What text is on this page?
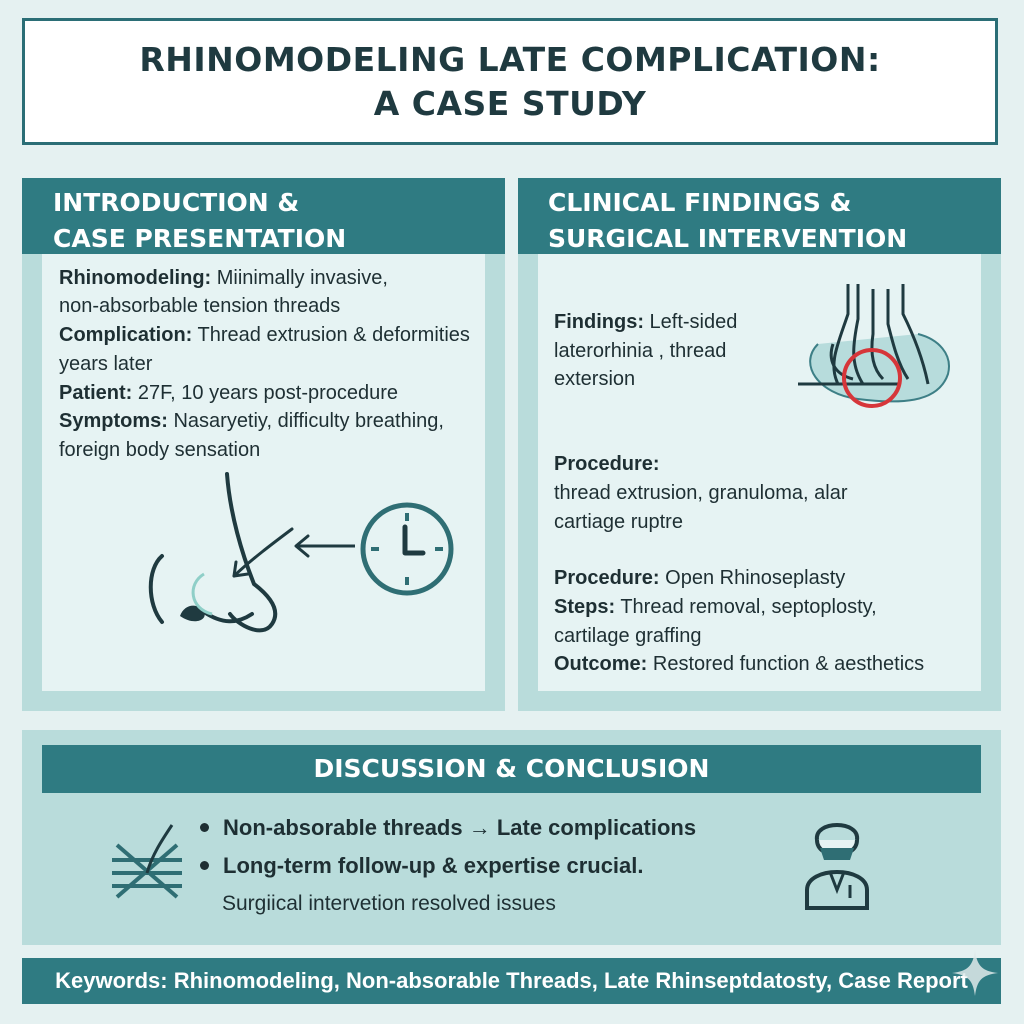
RHINOMODELING LATE COMPLICATION:
A CASE STUDY
INTRODUCTION &
CASE PRESENTATION
Rhinomodeling: Miinimally invasive,
non-absorbable tension threads
Complication: Thread extrusion & deformities
years later
Patient: 27F, 10 years post-procedure
Symptoms: Nasaryetiy, difficulty breathing,
foreign body sensation
CLINICAL FINDINGS &
SURGICAL INTERVENTION
Findings: Left-sided
laterorhinia , thread
extersion
Procedure:
thread extrusion, granuloma, alar
cartiage ruptre
Procedure: Open Rhinoseplasty
Steps: Thread removal, septoplosty,
cartilage graffing
Outcome: Restored function & aesthetics
DISCUSSION & CONCLUSION
Non-absorable threads → Late complications
Long-term follow-up & expertise crucial.
Surgiical intervetion resolved issues
Keywords: Rhinomodeling, Non-absorable Threads, Late Rhinseptdatosty, Case Report
